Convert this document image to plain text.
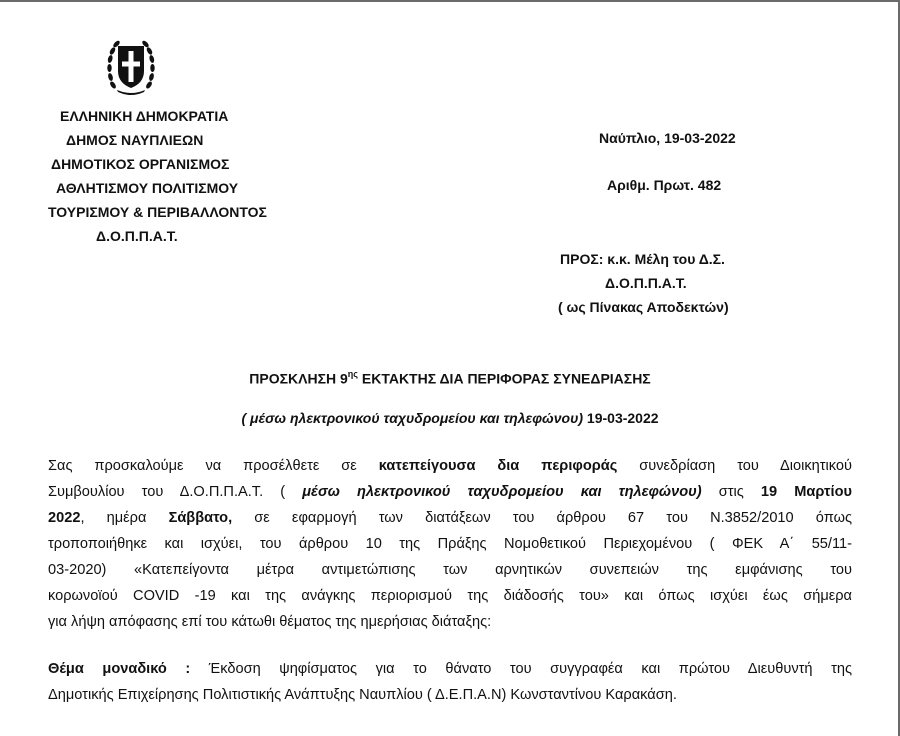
ΕΛΛΗΝΙΚΗ ΔΗΜΟΚΡΑΤΙΑ
ΔΗΜΟΣ ΝΑΥΠΛΙΕΩΝ
ΔΗΜΟΤΙΚΟΣ ΟΡΓΑΝΙΣΜΟΣ
ΑΘΛΗΤΙΣΜΟΥ ΠΟΛΙΤΙΣΜΟΥ
ΤΟΥΡΙΣΜΟΥ & ΠΕΡΙΒΑΛΛΟΝΤΟΣ
Δ.Ο.Π.Π.Α.Τ.
Ναύπλιο, 19-03-2022
Αριθμ. Πρωτ. 482
ΠΡΟΣ: κ.κ. Μέλη του Δ.Σ.
Δ.Ο.Π.Π.Α.Τ.
( ως Πίνακας Αποδεκτών)
ΠΡΟΣΚΛΗΣΗ $9^{\eta\varsigma}$ ΕΚΤΑΚΤΗΣ ΔΙΑ ΠΕΡΙΦΟΡΑΣ ΣΥΝΕΔΡΙΑΣΗΣ
( μέσω ηλεκτρονικού ταχυδρομείου και τηλεφώνου) 19-03-2022
Σας προσκαλούμε να προσέλθετε σε κατεπείγουσα δια περιφοράς συνεδρίαση του Διοικητικού
Συμβουλίου του Δ.Ο.Π.Π.Α.Τ. ( μέσω ηλεκτρονικού ταχυδρομείου και τηλεφώνου) στις 19 Μαρτίου
2022, ημέρα Σάββατο, σε εφαρμογή των διατάξεων του άρθρου 67 του Ν.3852/2010 όπως
τροποποιήθηκε και ισχύει, του άρθρου 10 της Πράξης Νομοθετικού Περιεχομένου ( ΦΕΚ Α΄ 55/11-
03-2020) «Κατεπείγοντα μέτρα αντιμετώπισης των αρνητικών συνεπειών της εμφάνισης του
κορωνοϊού COVID -19 και της ανάγκης περιορισμού της διάδοσής του» και όπως ισχύει έως σήμερα
για λήψη απόφασης επί του κάτωθι θέματος της ημερήσιας διάταξης:
Θέμα μοναδικό : Έκδοση ψηφίσματος για το θάνατο του συγγραφέα και πρώτου Διευθυντή της
Δημοτικής Επιχείρησης Πολιτιστικής Ανάπτυξης Ναυπλίου ( Δ.Ε.Π.Α.Ν) Κωνσταντίνου Καρακάση.
